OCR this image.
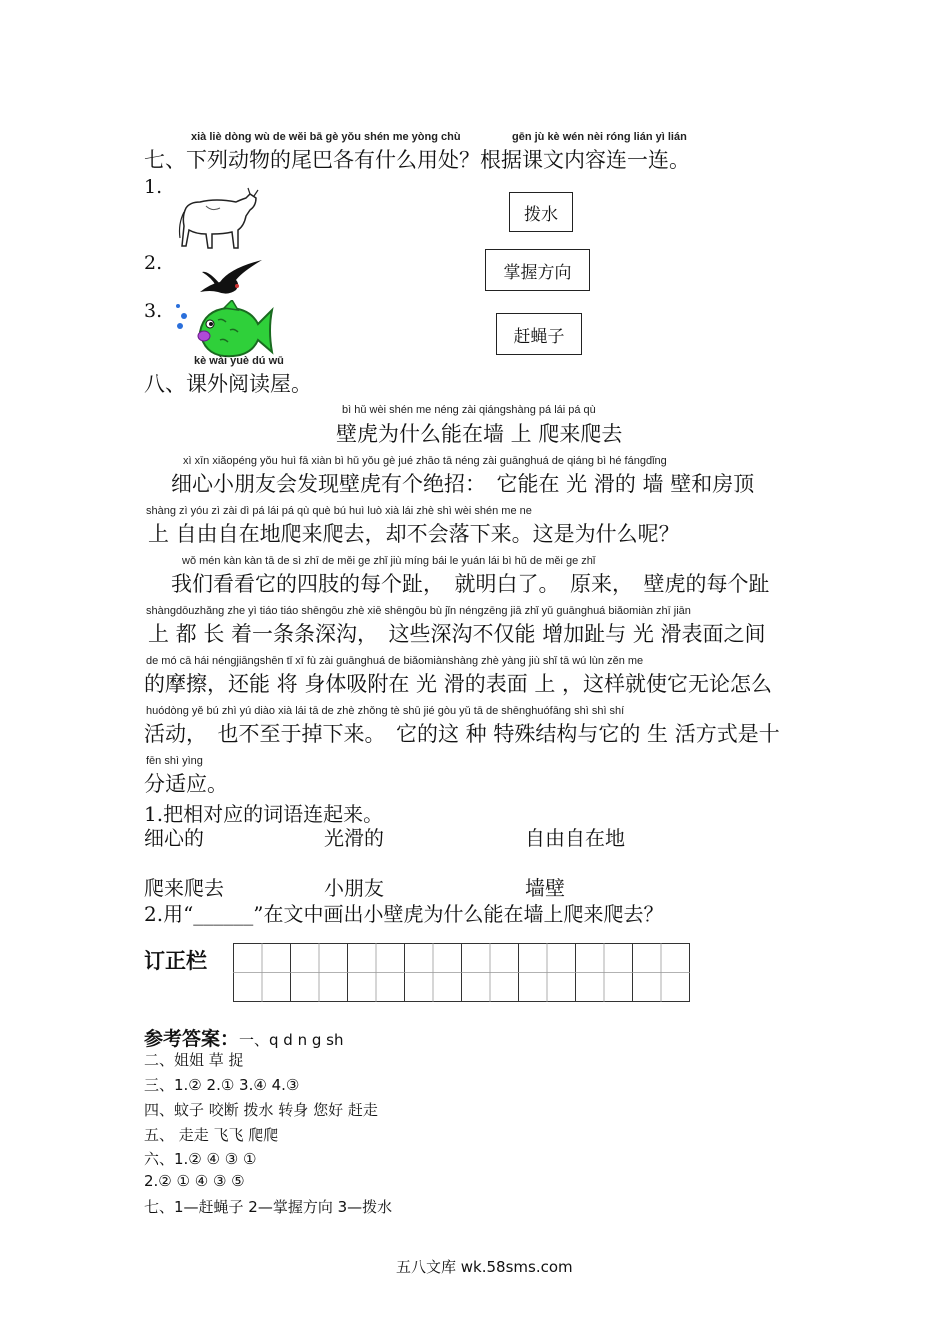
xià liè dòng wù de wěi bā gè yǒu shén me yòng chù	gēn jù kè wén nèi róng lián yì lián
七、下列动物的尾巴各有什么用处？根据课文内容连一连。
1.
2.
3.
拨水
掌握方向
赶蝇子
kè wài yuè dú wū
八、课外阅读屋。
bì hǔ wèi shén me néng zài qiángshàng pá lái pá qù
壁虎为什么能在墙 上 爬来爬去
xì xīn xiǎopéng yǒu huì fā xiàn bì hǔ yǒu gè jué zhāo tā néng zài guānghuá de qiáng bì hé fángdǐng
　细心小朋友会发现壁虎有个绝招：　它能在 光 滑的 墙 壁和房顶
shàng zì yóu zì zài dì pá lái pá qù què bú huì luò xià lái zhè shì wèi shén me ne
上 自由自在地爬来爬去，却不会落下来。这是为什么呢？
wǒ mén kàn kàn tā de sì zhī de měi ge zhǐ jiù míng bái le yuán lái bì hǔ de měi ge zhǐ
　我们看看它的四肢的每个趾，　就明白了。　原来，　壁虎的每个趾
shàngdōuzhǎng zhe yì tiáo tiáo shēngōu zhè xiē shēngōu bù jǐn néngzēng jiā zhǐ yǔ guānghuá biǎomiàn zhī jiān
上 都 长 着一条条深沟，　这些深沟不仅能 增加趾与 光 滑表面之间
de mó cā hái néngjiāngshēn tǐ xī fù zài guānghuá de biǎomiànshàng zhè yàng jiù shǐ tā wú lùn zěn me
的摩擦，还能 将 身体吸附在 光 滑的表面 上 ，这样就使它无论怎么
huódòng yě bú zhì yú diào xià lái tā de zhè zhǒng tè shū jié gòu yǔ tā de shēnghuófāng shì shì shí
活动，　也不至于掉下来。　它的这 种 特殊结构与它的 生 活方式是十
fēn shì yìng
分适应。
1.把相对应的词语连起来。
细心的	光滑的	自由自在地
爬来爬去	小朋友	墙壁
2.用“______”在文中画出小壁虎为什么能在墙上爬来爬去？
订正栏
参考答案：一、q d n g sh
二、姐姐 草 捉
三、1.② 2.① 3.④ 4.③
四、蚊子 咬断 拨水 转身 您好 赶走
五、 走走 飞飞 爬爬
六、1.② ④ ③ ①
2.② ① ④ ③ ⑤
七、1—赶蝇子 2—掌握方向 3—拨水
五八文库 wk.58sms.com
